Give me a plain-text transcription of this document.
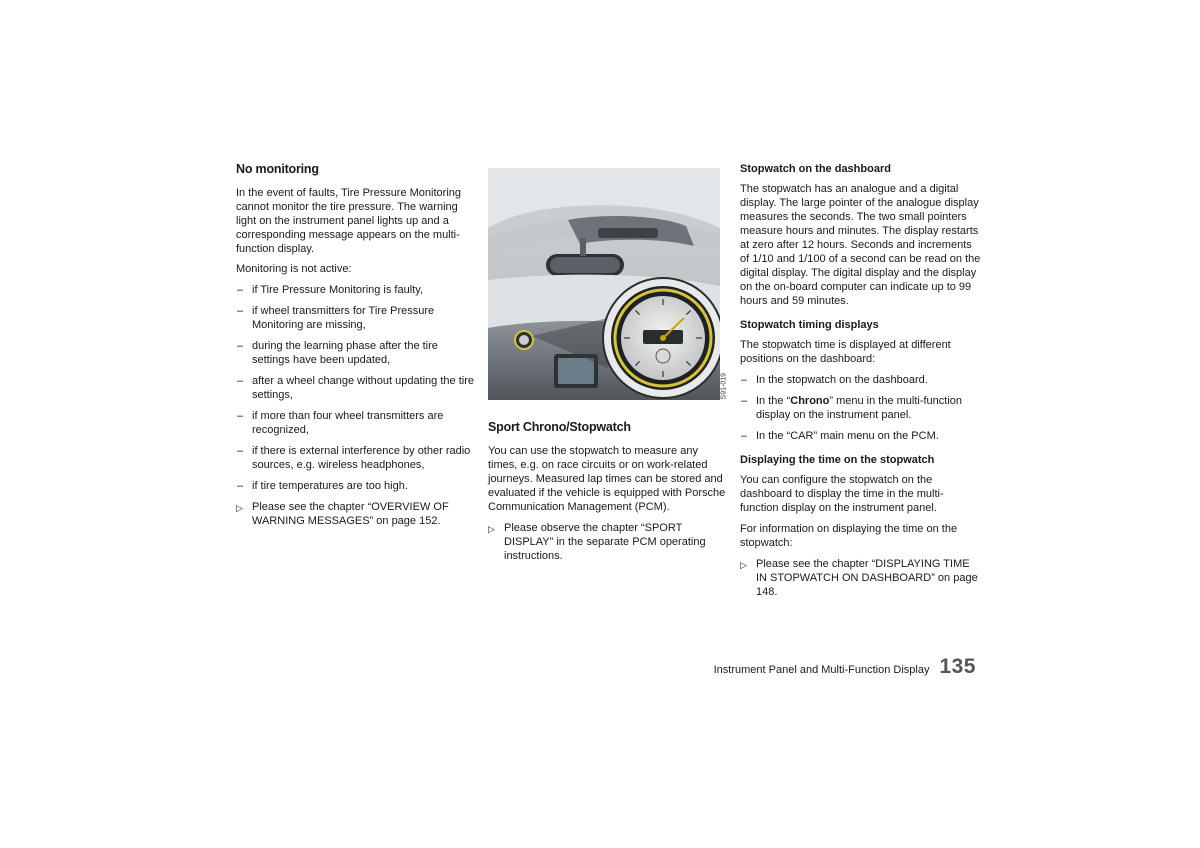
No monitoring

In the event of faults, Tire Pressure Monitoring cannot monitor the tire pressure. The warning light on the instrument panel lights up and a corresponding message appears on the multi-function display.

Monitoring is not active:

– if Tire Pressure Monitoring is faulty,
– if wheel transmitters for Tire Pressure Monitoring are missing,
– during the learning phase after the tire settings have been updated,
– after a wheel change without updating the tire settings,
– if more than four wheel transmitters are recognized,
– if there is external interference by other radio sources, e.g. wireless headphones,
– if tire temperatures are too high.
▷ Please see the chapter “OVERVIEW OF WARNING MESSAGES” on page 152.
S91-019
Sport Chrono/Stopwatch

You can use the stopwatch to measure any times, e.g. on race circuits or on work-related journeys. Measured lap times can be stored and evaluated if the vehicle is equipped with Porsche Communication Management (PCM).

▷ Please observe the chapter “SPORT DISPLAY” in the separate PCM operating instructions.
Stopwatch on the dashboard

The stopwatch has an analogue and a digital display. The large pointer of the analogue display measures the seconds. The two small pointers measure hours and minutes. The display restarts at zero after 12 hours. Seconds and increments of 1/10 and 1/100 of a second can be read on the digital display. The digital display and the display on the on-board computer can indicate up to 99 hours and 59 minutes.

Stopwatch timing displays

The stopwatch time is displayed at different positions on the dashboard:

– In the stopwatch on the dashboard.
– In the “Chrono” menu in the multi-function display on the instrument panel.
– In the “CAR” main menu on the PCM.
Displaying the time on the stopwatch

You can configure the stopwatch on the dashboard to display the time in the multi-function display on the instrument panel.

For information on displaying the time on the stopwatch:

▷ Please see the chapter “DISPLAYING TIME IN STOPWATCH ON DASHBOARD” on page 148.
Instrument Panel and Multi-Function Display 135
